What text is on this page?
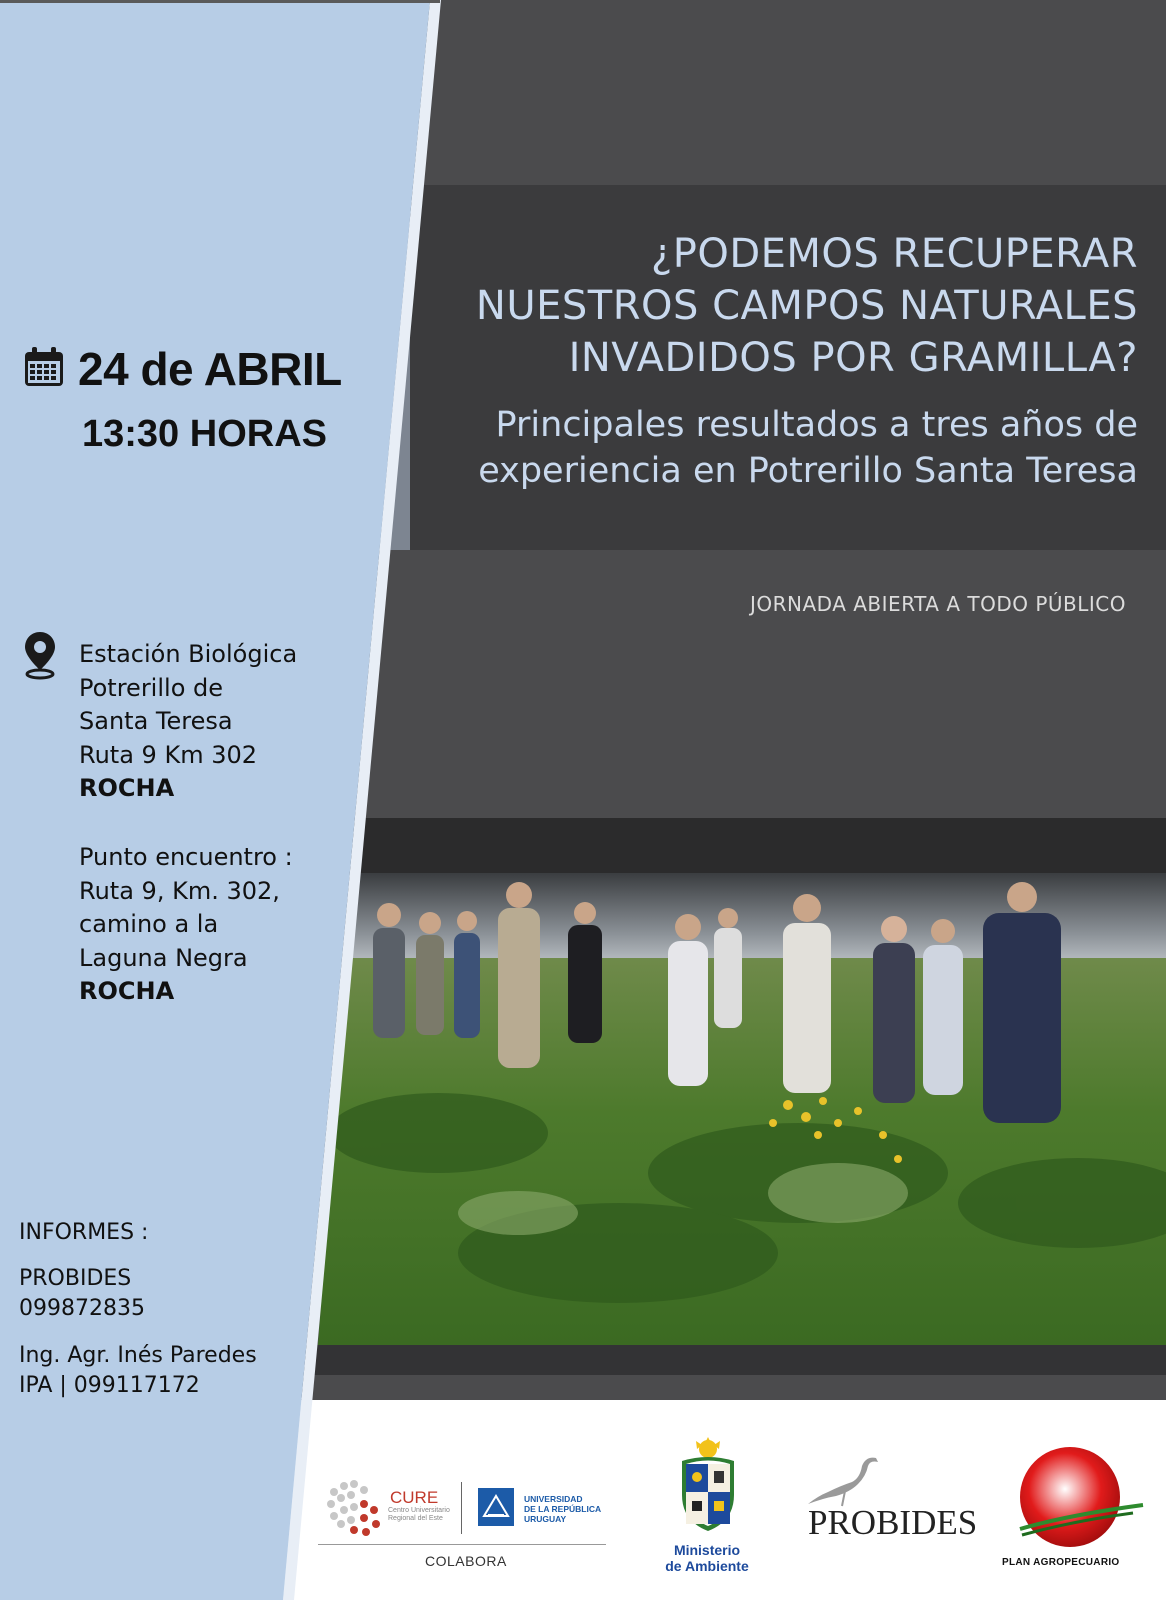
24 de ABRIL
13:30 HORAS
¿PODEMOS RECUPERAR
NUESTROS CAMPOS NATURALES
INVADIDOS POR GRAMILLA?
Principales resultados a tres años de
experiencia en Potrerillo Santa Teresa
JORNADA ABIERTA A TODO PÚBLICO
Estación Biológica
Potrerillo de
Santa Teresa
Ruta 9 Km 302
ROCHA
Punto encuentro :
Ruta 9, Km. 302,
camino a la
Laguna Negra
ROCHA
INFORMES :
PROBIDES
099872835
Ing. Agr. Inés Paredes
IPA | 099117172
CURE
Centro Universitario Regional del Este
UNIVERSIDAD
DE LA REPÚBLICA
URUGUAY
COLABORA
Ministerio
de Ambiente
PROBIDES
PLAN AGROPECUARIO
